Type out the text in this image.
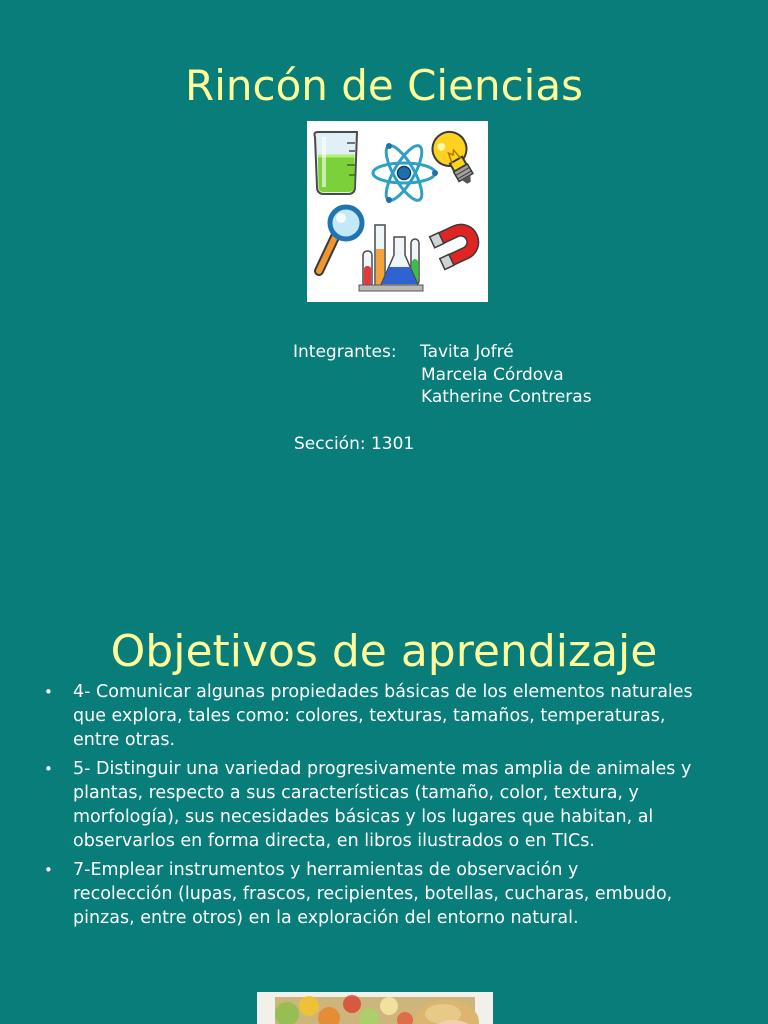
Rincón de Ciencias
Integrantes: Tavita Jofré
Marcela Córdova
Katherine Contreras
Sección: 1301
Objetivos de aprendizaje
• 4- Comunicar algunas propiedades básicas de los elementos naturales
que explora, tales como: colores, texturas, tamaños, temperaturas,
entre otras.
• 5- Distinguir una variedad progresivamente mas amplia de animales y
plantas, respecto a sus características (tamaño, color, textura, y
morfología), sus necesidades básicas y los lugares que habitan, al
observarlos en forma directa, en libros ilustrados o en TICs.
• 7-Emplear instrumentos y herramientas de observación y
recolección (lupas, frascos, recipientes, botellas, cucharas, embudo,
pinzas, entre otros) en la exploración del entorno natural.
